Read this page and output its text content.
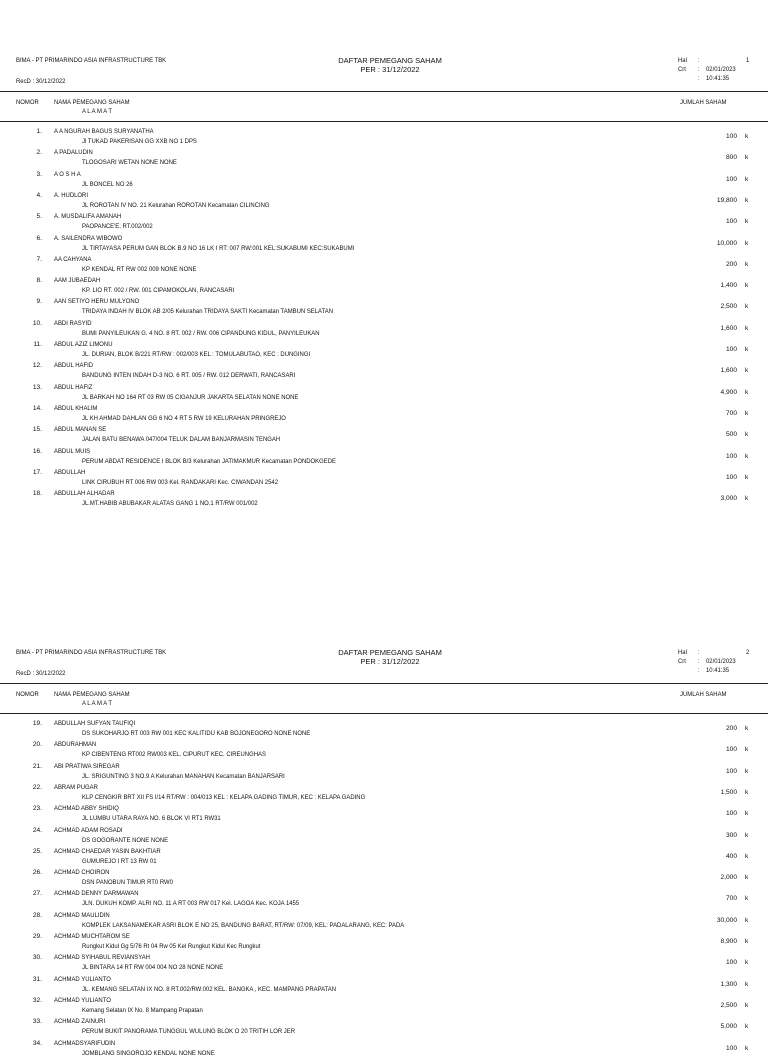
BIMA - PT PRIMARINDO ASIA INFRASTRUCTURE TBK	DAFTAR PEMEGANG SAHAM
PER : 31/12/2022
Hal :	1
Crt : 02/01/2023
: 10:41:35
RecD : 30/12/2022
NOMOR NAMA PEMEGANG SAHAM
A L A M A T
JUMLAH SAHAM
1. A A NGURAH BAGUS SURYANATHA
Jl TUKAD PAKERISAN GG XXB NO 1 DPS
100 k
2. A PADALUDIN
TLOGOSARI WETAN NONE NONE
800 k
3. A O S H A
JL BONCEL NO 26
100 k
4. A. HUDLORI
JL ROROTAN IV NO. 21 Kelurahan ROROTAN Kecamatan CILINCING
19,800 k
5. A. MUSDALIFA AMANAH
PAOPANCE'E, RT.002/002
100 k
6. A. SAILENDRA WIBOWO
JL TIRTAYASA PERUM GAN BLOK B.9 NO 16 LK I RT: 007 RW:001 KEL:SUKABUMI KEC:SUKABUMI
10,000 k
7. AA CAHYANA
KP KENDAL RT RW 002 009 NONE NONE
200 k
8. AAM JUBAEDAH
KP. LIO RT. 002 / RW. 001 CIPAMOKOLAN, RANCASARI
1,400 k
9. AAN SETIYO HERU MULYONO
TRIDAYA INDAH IV BLOK AB 2/05 Kelurahan TRIDAYA SAKTI Kecamatan TAMBUN SELATAN
2,500 k
10. ABDI RASYID
BUMI PANYILEUKAN G. 4 NO. 8 RT. 002 / RW. 006 CIPANDUNG KIDUL, PANYILEUKAN
1,600 k
11. ABDUL AZIZ LIMONU
JL. DURIAN, BLOK B/221 RT/RW : 002/003 KEL : TOMULABUTAO, KEC : DUNGINGI
100 k
12. ABDUL HAFID
BANDUNG INTEN INDAH D-3 NO. 6 RT. 005 / RW. 012 DERWATI, RANCASARI
1,600 k
13. ABDUL HAFIZ
JL BARKAH NO 164 RT 03 RW 05 CIGANJUR JAKARTA SELATAN NONE NONE
4,900 k
14. ABDUL KHALIM
JL KH AHMAD DAHLAN GG 6 NO 4 RT 5 RW 19 KELURAHAN PRINGREJO
700 k
15. ABDUL MANAN SE
JALAN BATU BENAWA 047/004 TELUK DALAM BANJARMASIN TENGAH
500 k
16. ABDUL MUIS
PERUM ABDAT RESIDENCE I BLOK B/3 Kelurahan JATIMAKMUR Kecamatan PONDOKGEDE
100 k
17. ABDULLAH
LINK CIRUBUH RT 006 RW 003 Kel. RANDAKARI Kec. CIWANDAN 2542
100 k
18. ABDULLAH ALHADAR
JL.MT.HABIB ABUBAKAR ALATAS GANG 1 NO.1 RT/RW 001/002
3,000 k
BIMA - PT PRIMARINDO ASIA INFRASTRUCTURE TBK	DAFTAR PEMEGANG SAHAM
PER : 31/12/2022
Hal :	2
Crt : 02/01/2023
: 10:41:35
RecD : 30/12/2022
NOMOR NAMA PEMEGANG SAHAM
A L A M A T
JUMLAH SAHAM
19. ABDULLAH SUFYAN TAUFIQI
DS SUKOHARJO RT 003 RW 001 KEC KALITIDU KAB BOJONEGORO NONE NONE
200 k
20. ABDURAHMAN
KP CIBENTENG RT002 RW003 KEL. CIPURUT KEC. CIREUNGHAS
100 k
21. ABI PRATIWA SIREGAR
JL. SRIGUNTING 3 NO.9 A Kelurahan MANAHAN Kecamatan BANJARSARI
100 k
22. ABRAM PUGAR
KLP CENGKIR BRT XII FS I/14 RT/RW : 004/013 KEL : KELAPA GADING TIMUR, KEC : KELAPA GADING
1,500 k
23. ACHMAD ABBY SHIDIQ
JL LUMBU UTARA RAYA NO. 6 BLOK VI RT1 RW31
100 k
24. ACHMAD ADAM ROSADI
DS GOGORANTE NONE NONE
300 k
25. ACHMAD CHAEDAR YASIN BAKHTIAR
GUMUREJO I RT 13 RW 01
400 k
26. ACHMAD CHOIRON
DSN PANOBUN TIMUR RT0 RW0
2,000 k
27. ACHMAD DENNY DARMAWAN
JLN. DUKUH KOMP. ALRI NO. 11 A RT 003 RW 017 Kel. LAGOA Kec. KOJA 1455
700 k
28. ACHMAD MAULIDIN
KOMPLEK LAKSANAMEKAR ASRI BLOK E NO 25, BANDUNG BARAT, RT/RW: 07/09, KEL: PADALARANG, KEC: PADA
30,000 k
29. ACHMAD MUCHTAROM SE
Rungkut Kidul Gg 5/76 Rt 04 Rw 05 Kel Rungkut Kidul Kec Rungkut
8,900 k
30. ACHMAD SYIHABUL REVIANSYAH
JL BINTARA 14 RT RW 004 004 NO 28 NONE NONE
100 k
31. ACHMAD YULIANTO
JL. KEMANG SELATAN IX NO. 8 RT.002/RW.002 KEL. BANGKA , KEC. MAMPANG PRAPATAN
1,300 k
32. ACHMAD YULIANTO
Kemang Selatan IX No. 8 Mampang Prapatan
2,500 k
33. ACHMAD ZAINURI
PERUM BUKIT PANORAMA TUNGGUL WULUNG BLOK O 20 TRITIH LOR JER
5,000 k
34. ACHMADSYARIFUDIN
JOMBLANG SINGOROJO KENDAL NONE NONE
100 k
